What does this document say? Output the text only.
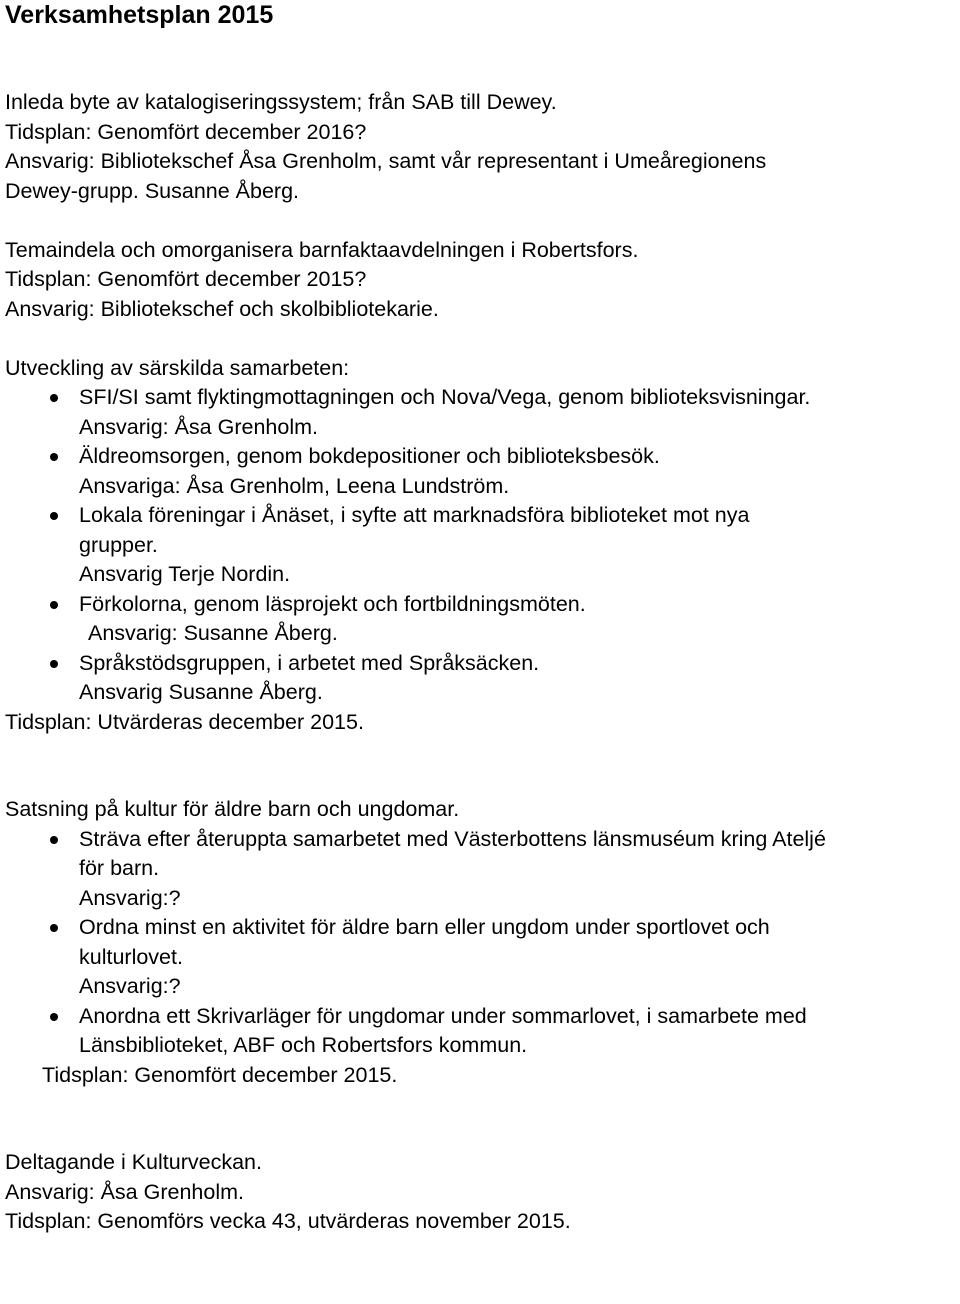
Verksamhetsplan 2015
Inleda byte av katalogiseringssystem; från SAB till Dewey.
Tidsplan: Genomfört december 2016?
Ansvarig: Bibliotekschef Åsa Grenholm, samt vår representant i Umeåregionens
Dewey-grupp. Susanne Åberg.
Temaindela och omorganisera barnfaktaavdelningen i Robertsfors.
Tidsplan: Genomfört december 2015?
Ansvarig: Bibliotekschef och skolbibliotekarie.
Utveckling av särskilda samarbeten:
SFI/SI samt flyktingmottagningen och Nova/Vega, genom biblioteksvisningar.
Ansvarig: Åsa Grenholm.
Äldreomsorgen, genom bokdepositioner och biblioteksbesök.
Ansvariga: Åsa Grenholm, Leena Lundström.
Lokala föreningar i Ånäset, i syfte att marknadsföra biblioteket mot nya
grupper.
Ansvarig Terje Nordin.
Förkolorna, genom läsprojekt och fortbildningsmöten.
Ansvarig: Susanne Åberg.
Språkstödsgruppen, i arbetet med Språksäcken.
Ansvarig Susanne Åberg.
Tidsplan: Utvärderas december 2015.
Satsning på kultur för äldre barn och ungdomar.
Sträva efter återuppta samarbetet med Västerbottens länsmuséum kring Ateljé
för barn.
Ansvarig:?
Ordna minst en aktivitet för äldre barn eller ungdom under sportlovet och
kulturlovet.
Ansvarig:?
Anordna ett Skrivarläger för ungdomar under sommarlovet, i samarbete med
Länsbiblioteket, ABF och Robertsfors kommun.
Tidsplan: Genomfört december 2015.
Deltagande i Kulturveckan.
Ansvarig: Åsa Grenholm.
Tidsplan: Genomförs vecka 43, utvärderas november 2015.
